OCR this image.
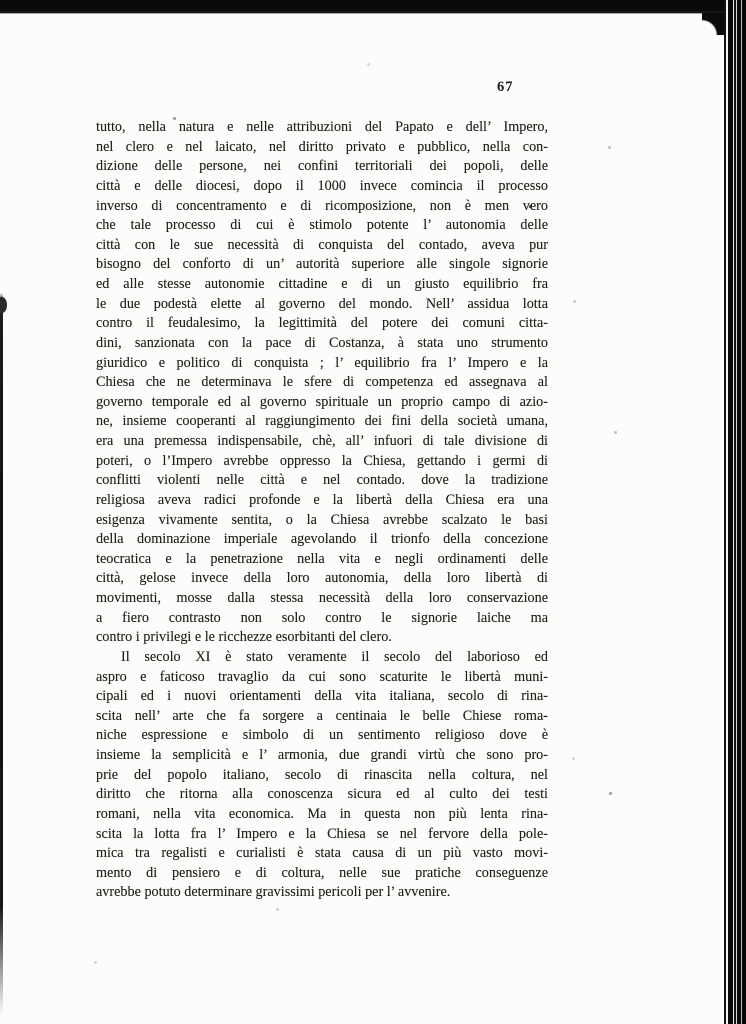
67
tutto, nella natura e nelle attribuzioni del Papato e dell’ Impero,
nel clero e nel laicato, nel diritto privato e pubblico, nella con-
dizione delle persone, nei confini territoriali dei popoli, delle
città e delle diocesi, dopo il 1000 invece comincia il processo
inverso di concentramento e di ricomposizione, non è men vero
che tale processo di cui è stimolo potente l’ autonomia delle
città con le sue necessità di conquista del contado, aveva pur
bisogno del conforto di un’ autorità superiore alle singole signorie
ed alle stesse autonomie cittadine e di un giusto equilibrio fra
le due podestà elette al governo del mondo. Nell’ assidua lotta
contro il feudalesimo, la legittimità del potere dei comuni citta-
dini, sanzionata con la pace di Costanza, à stata uno strumento
giuridico e politico di conquista ; l’ equilibrio fra l’ Impero e la
Chiesa che ne determinava le sfere di competenza ed assegnava al
governo temporale ed al governo spirituale un proprio campo di azio-
ne, insieme cooperanti al raggiungimento dei fini della società umana,
era una premessa indispensabile, chè, all’ infuori di tale divisione di
poteri, o l’Impero avrebbe oppresso la Chiesa, gettando i germi di
conflitti violenti nelle città e nel contado. dove la tradizione
religiosa aveva radici profonde e la libertà della Chiesa era una
esigenza vivamente sentita, o la Chiesa avrebbe scalzato le basi
della dominazione imperiale agevolando il trionfo della concezione
teocratica e la penetrazione nella vita e negli ordinamenti delle
città, gelose invece della loro autonomia, della loro libertà di
movimenti, mosse dalla stessa necessità della loro conservazione
a fiero contrasto non solo contro le signorie laiche ma
contro i privilegi e le ricchezze esorbitanti del clero.
Il secolo XI è stato veramente il secolo del laborioso ed
aspro e faticoso travaglio da cui sono scaturite le libertà muni-
cipali ed i nuovi orientamenti della vita italiana, secolo di rina-
scita nell’ arte che fa sorgere a centinaia le belle Chiese roma-
niche espressione e simbolo di un sentimento religioso dove è
insieme la semplicità e l’ armonia, due grandi virtù che sono pro-
prie del popolo italiano, secolo di rinascita nella coltura, nel
diritto che ritorna alla conoscenza sicura ed al culto dei testi
romani, nella vita economica. Ma in questa non più lenta rina-
scita la lotta fra l’ Impero e la Chiesa se nel fervore della pole-
mica tra regalisti e curialisti è stata causa di un più vasto movi-
mento di pensiero e di coltura, nelle sue pratiche conseguenze
avrebbe potuto determinare gravissimi pericoli per l’ avvenire.
